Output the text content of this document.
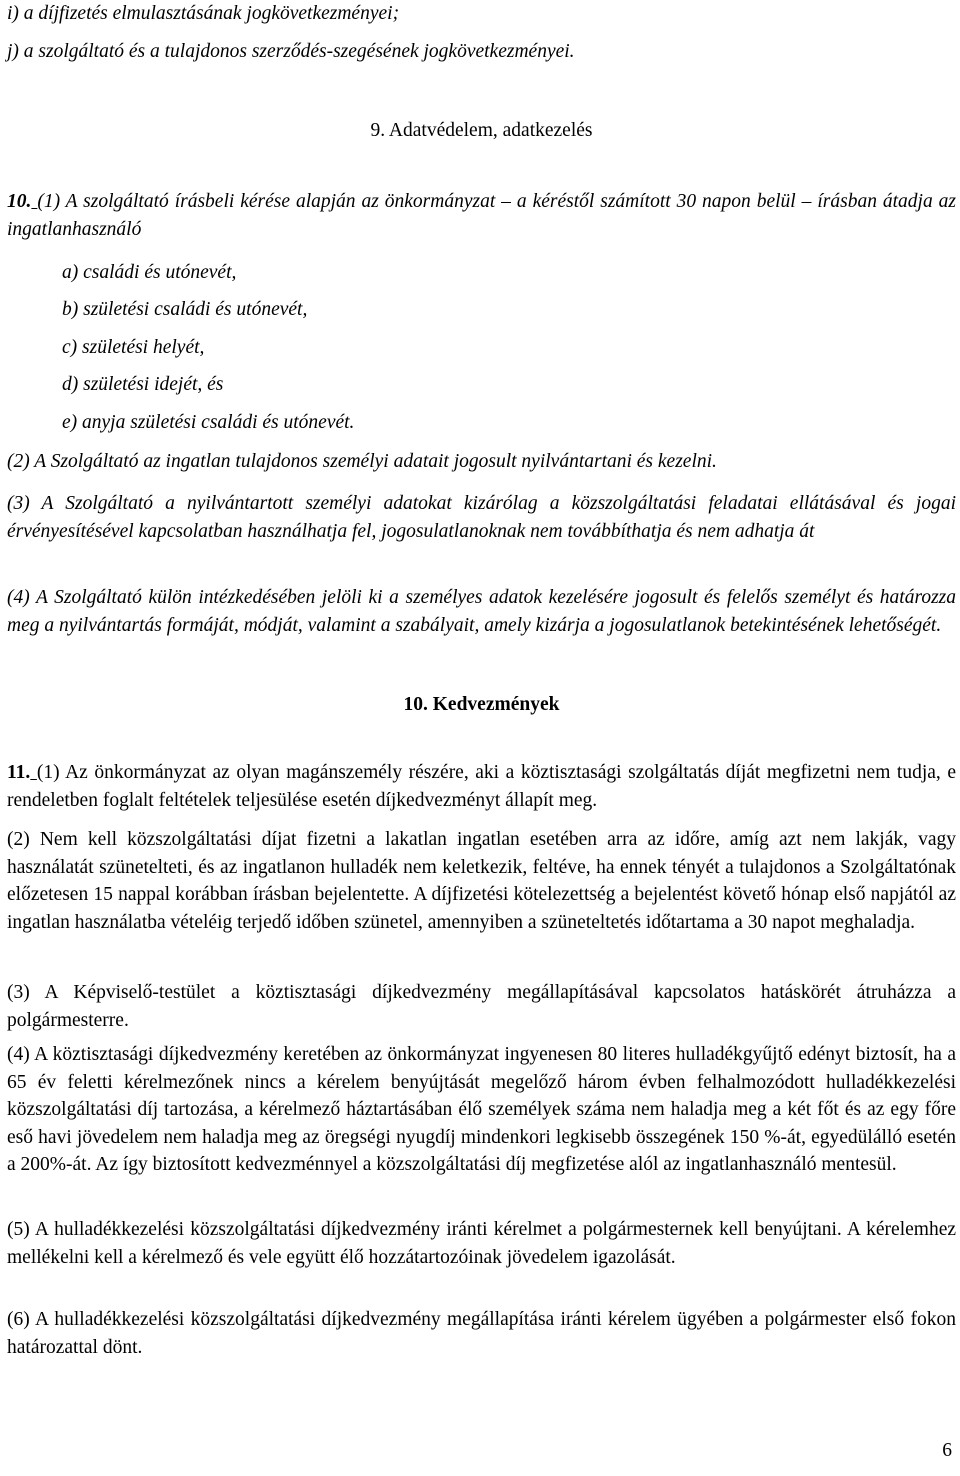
i) a díjfizetés elmulasztásának jogkövetkezményei;

j) a szolgáltató és a tulajdonos szerződés-szegésének jogkövetkezményei.

9. Adatvédelem, adatkezelés

10. (1) A szolgáltató írásbeli kérése alapján az önkormányzat – a kéréstől számított 30 napon belül – írásban átadja az ingatlanhasználó

a) családi és utónevét,

b) születési családi és utónevét,

c) születési helyét,

d) születési idejét, és

e) anyja születési családi és utónevét.

(2) A Szolgáltató az ingatlan tulajdonos személyi adatait jogosult nyilvántartani és kezelni.

(3) A Szolgáltató a nyilvántartott személyi adatokat kizárólag a közszolgáltatási feladatai ellátásával és jogai érvényesítésével kapcsolatban használhatja fel, jogosulatlanoknak nem továbbíthatja és nem adhatja át

(4) A Szolgáltató külön intézkedésében jelöli ki a személyes adatok kezelésére jogosult és felelős személyt és határozza meg a nyilvántartás formáját, módját, valamint a szabályait, amely kizárja a jogosulatlanok betekintésének lehetőségét.

10. Kedvezmények

11. (1) Az önkormányzat az olyan magánszemély részére, aki a köztisztasági szolgáltatás díját megfizetni nem tudja, e rendeletben foglalt feltételek teljesülése esetén díjkedvezményt állapít meg.

(2) Nem kell közszolgáltatási díjat fizetni a lakatlan ingatlan esetében arra az időre, amíg azt nem lakják, vagy használatát szünetelteti, és az ingatlanon hulladék nem keletkezik, feltéve, ha ennek tényét a tulajdonos a Szolgáltatónak előzetesen 15 nappal korábban írásban bejelentette. A díjfizetési kötelezettség a bejelentést követő hónap első napjától az ingatlan használatba vételéig terjedő időben szünetel, amennyiben a szüneteltetés időtartama a 30 napot meghaladja.

(3) A Képviselő-testület a köztisztasági díjkedvezmény megállapításával kapcsolatos hatáskörét átruházza a polgármesterre.

(4) A köztisztasági díjkedvezmény keretében az önkormányzat ingyenesen 80 literes hulladékgyűjtő edényt biztosít, ha a 65 év feletti kérelmezőnek nincs a kérelem benyújtását megelőző három évben felhalmozódott hulladékkezelési közszolgáltatási díj tartozása, a kérelmező háztartásában élő személyek száma nem haladja meg a két főt és az egy főre eső havi jövedelem nem haladja meg az öregségi nyugdíj mindenkori legkisebb összegének 150 %-át, egyedülálló esetén a 200%-át. Az így biztosított kedvezménnyel a közszolgáltatási díj megfizetése alól az ingatlanhasználó mentesül.

(5) A hulladékkezelési közszolgáltatási díjkedvezmény iránti kérelmet a polgármesternek kell benyújtani. A kérelemhez mellékelni kell a kérelmező és vele együtt élő hozzátartozóinak jövedelem igazolását.

(6) A hulladékkezelési közszolgáltatási díjkedvezmény megállapítása iránti kérelem ügyében a polgármester első fokon határozattal dönt.

6
